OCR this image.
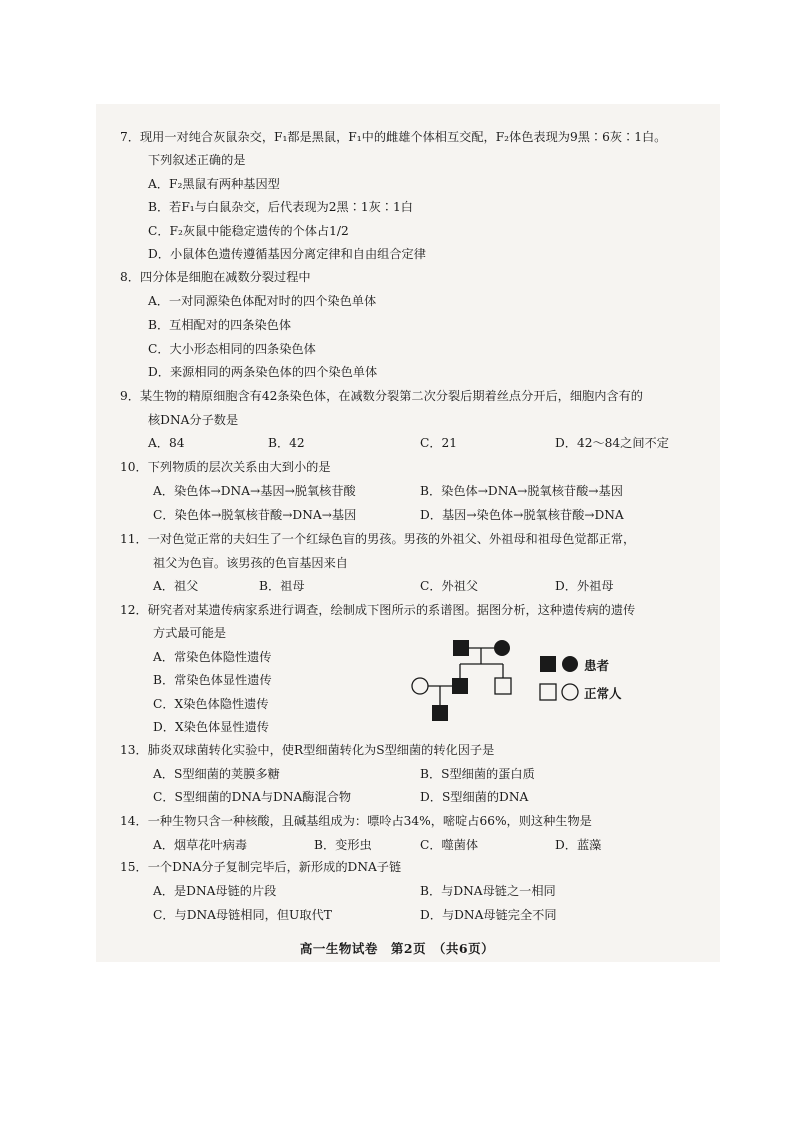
7．现用一对纯合灰鼠杂交，F₁都是黑鼠，F₁中的雌雄个体相互交配，F₂体色表现为9黑∶6灰∶1白。
下列叙述正确的是
A．F₂黑鼠有两种基因型
B．若F₁与白鼠杂交，后代表现为2黑∶1灰∶1白
C．F₂灰鼠中能稳定遗传的个体占1/2
D．小鼠体色遗传遵循基因分离定律和自由组合定律
8．四分体是细胞在减数分裂过程中
A．一对同源染色体配对时的四个染色单体
B．互相配对的四条染色体
C．大小形态相同的四条染色体
D．来源相同的两条染色体的四个染色单体
9．某生物的精原细胞含有42条染色体，在减数分裂第二次分裂后期着丝点分开后，细胞内含有的
核DNA分子数是
A．84	B．42	C．21	D．42～84之间不定
10．下列物质的层次关系由大到小的是
A．染色体→DNA→基因→脱氧核苷酸	B．染色体→DNA→脱氧核苷酸→基因
C．染色体→脱氧核苷酸→DNA→基因	D．基因→染色体→脱氧核苷酸→DNA
11．一对色觉正常的夫妇生了一个红绿色盲的男孩。男孩的外祖父、外祖母和祖母色觉都正常，
祖父为色盲。该男孩的色盲基因来自
A．祖父	B．祖母	C．外祖父	D．外祖母
12．研究者对某遗传病家系进行调查，绘制成下图所示的系谱图。据图分析，这种遗传病的遗传
方式最可能是
A．常染色体隐性遗传
B．常染色体显性遗传
C．X染色体隐性遗传
D．X染色体显性遗传
患者
正常人
13．肺炎双球菌转化实验中，使R型细菌转化为S型细菌的转化因子是
A．S型细菌的荚膜多糖	B．S型细菌的蛋白质
C．S型细菌的DNA与DNA酶混合物	D．S型细菌的DNA
14．一种生物只含一种核酸，且碱基组成为：嘌呤占34%，嘧啶占66%，则这种生物是
A．烟草花叶病毒	B．变形虫	C．噬菌体	D．蓝藻
15．一个DNA分子复制完毕后，新形成的DNA子链
A．是DNA母链的片段	B．与DNA母链之一相同
C．与DNA母链相同，但U取代T	D．与DNA母链完全不同
高一生物试卷　第2页　（共6页）
